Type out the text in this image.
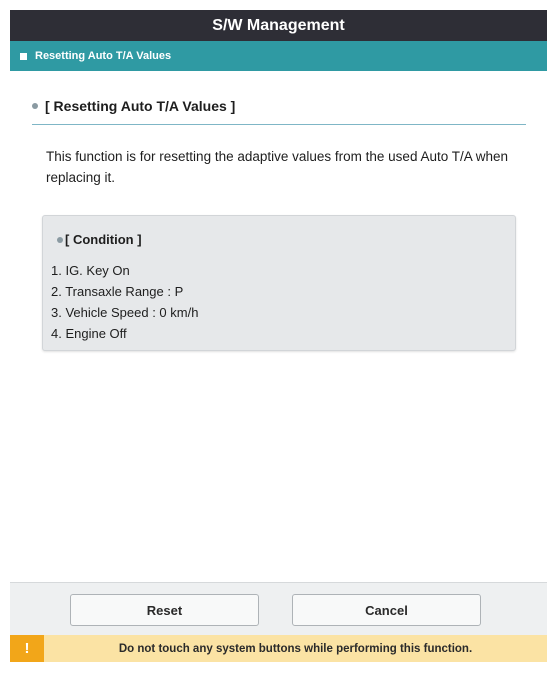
S/W Management
Resetting Auto T/A Values
[ Resetting Auto T/A Values ]
This function is for resetting the adaptive values from the used Auto T/A when replacing it.
[ Condition ]
1. IG. Key On
2. Transaxle Range : P
3. Vehicle Speed : 0 km/h
4. Engine Off
Reset	Cancel
!	Do not touch any system buttons while performing this function.
